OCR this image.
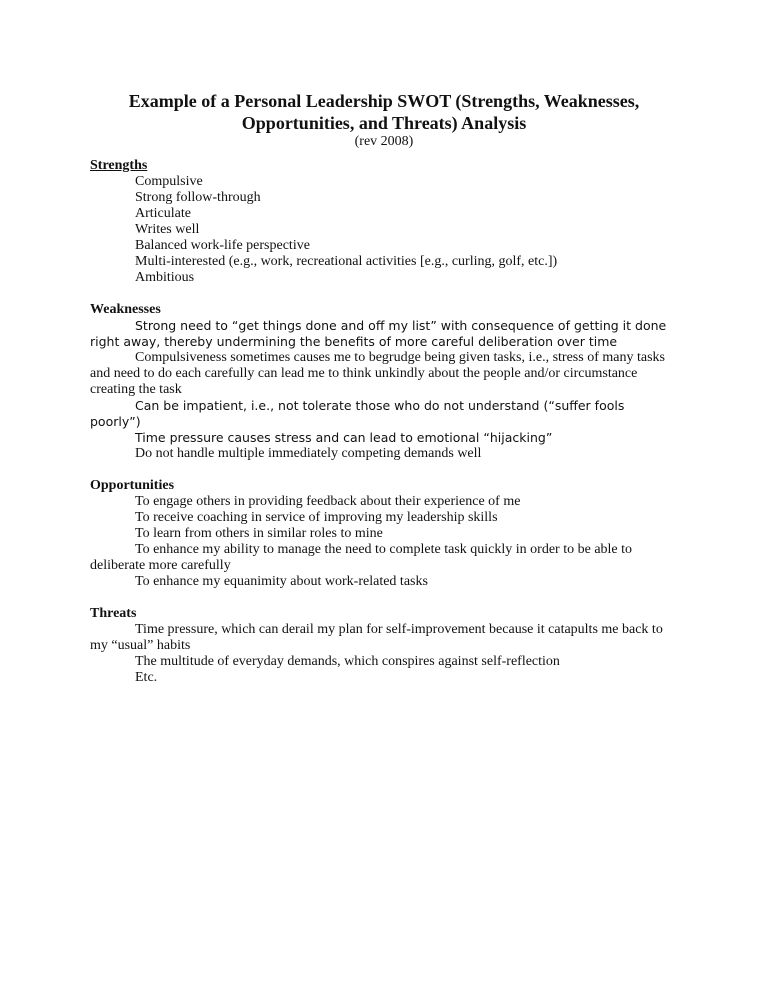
Example of a Personal Leadership SWOT (Strengths, Weaknesses,
Opportunities, and Threats) Analysis
(rev 2008)
Strengths
Compulsive
Strong follow-through
Articulate
Writes well
Balanced work-life perspective
Multi-interested (e.g., work, recreational activities [e.g., curling, golf, etc.])
Ambitious
Weaknesses
Strong need to “get things done and off my list” with consequence of getting it done right away, thereby undermining the benefits of more careful deliberation over time
Compulsiveness sometimes causes me to begrudge being given tasks, i.e., stress of many tasks and need to do each carefully can lead me to think unkindly about the people and/or circumstance creating the task
Can be impatient, i.e., not tolerate those who do not understand (“suffer fools poorly”)
Time pressure causes stress and can lead to emotional “hijacking”
Do not handle multiple immediately competing demands well
Opportunities
To engage others in providing feedback about their experience of me
To receive coaching in service of improving my leadership skills
To learn from others in similar roles to mine
To enhance my ability to manage the need to complete task quickly in order to be able to deliberate more carefully
To enhance my equanimity about work-related tasks
Threats
Time pressure, which can derail my plan for self-improvement because it catapults me back to my “usual” habits
The multitude of everyday demands, which conspires against self-reflection
Etc.
